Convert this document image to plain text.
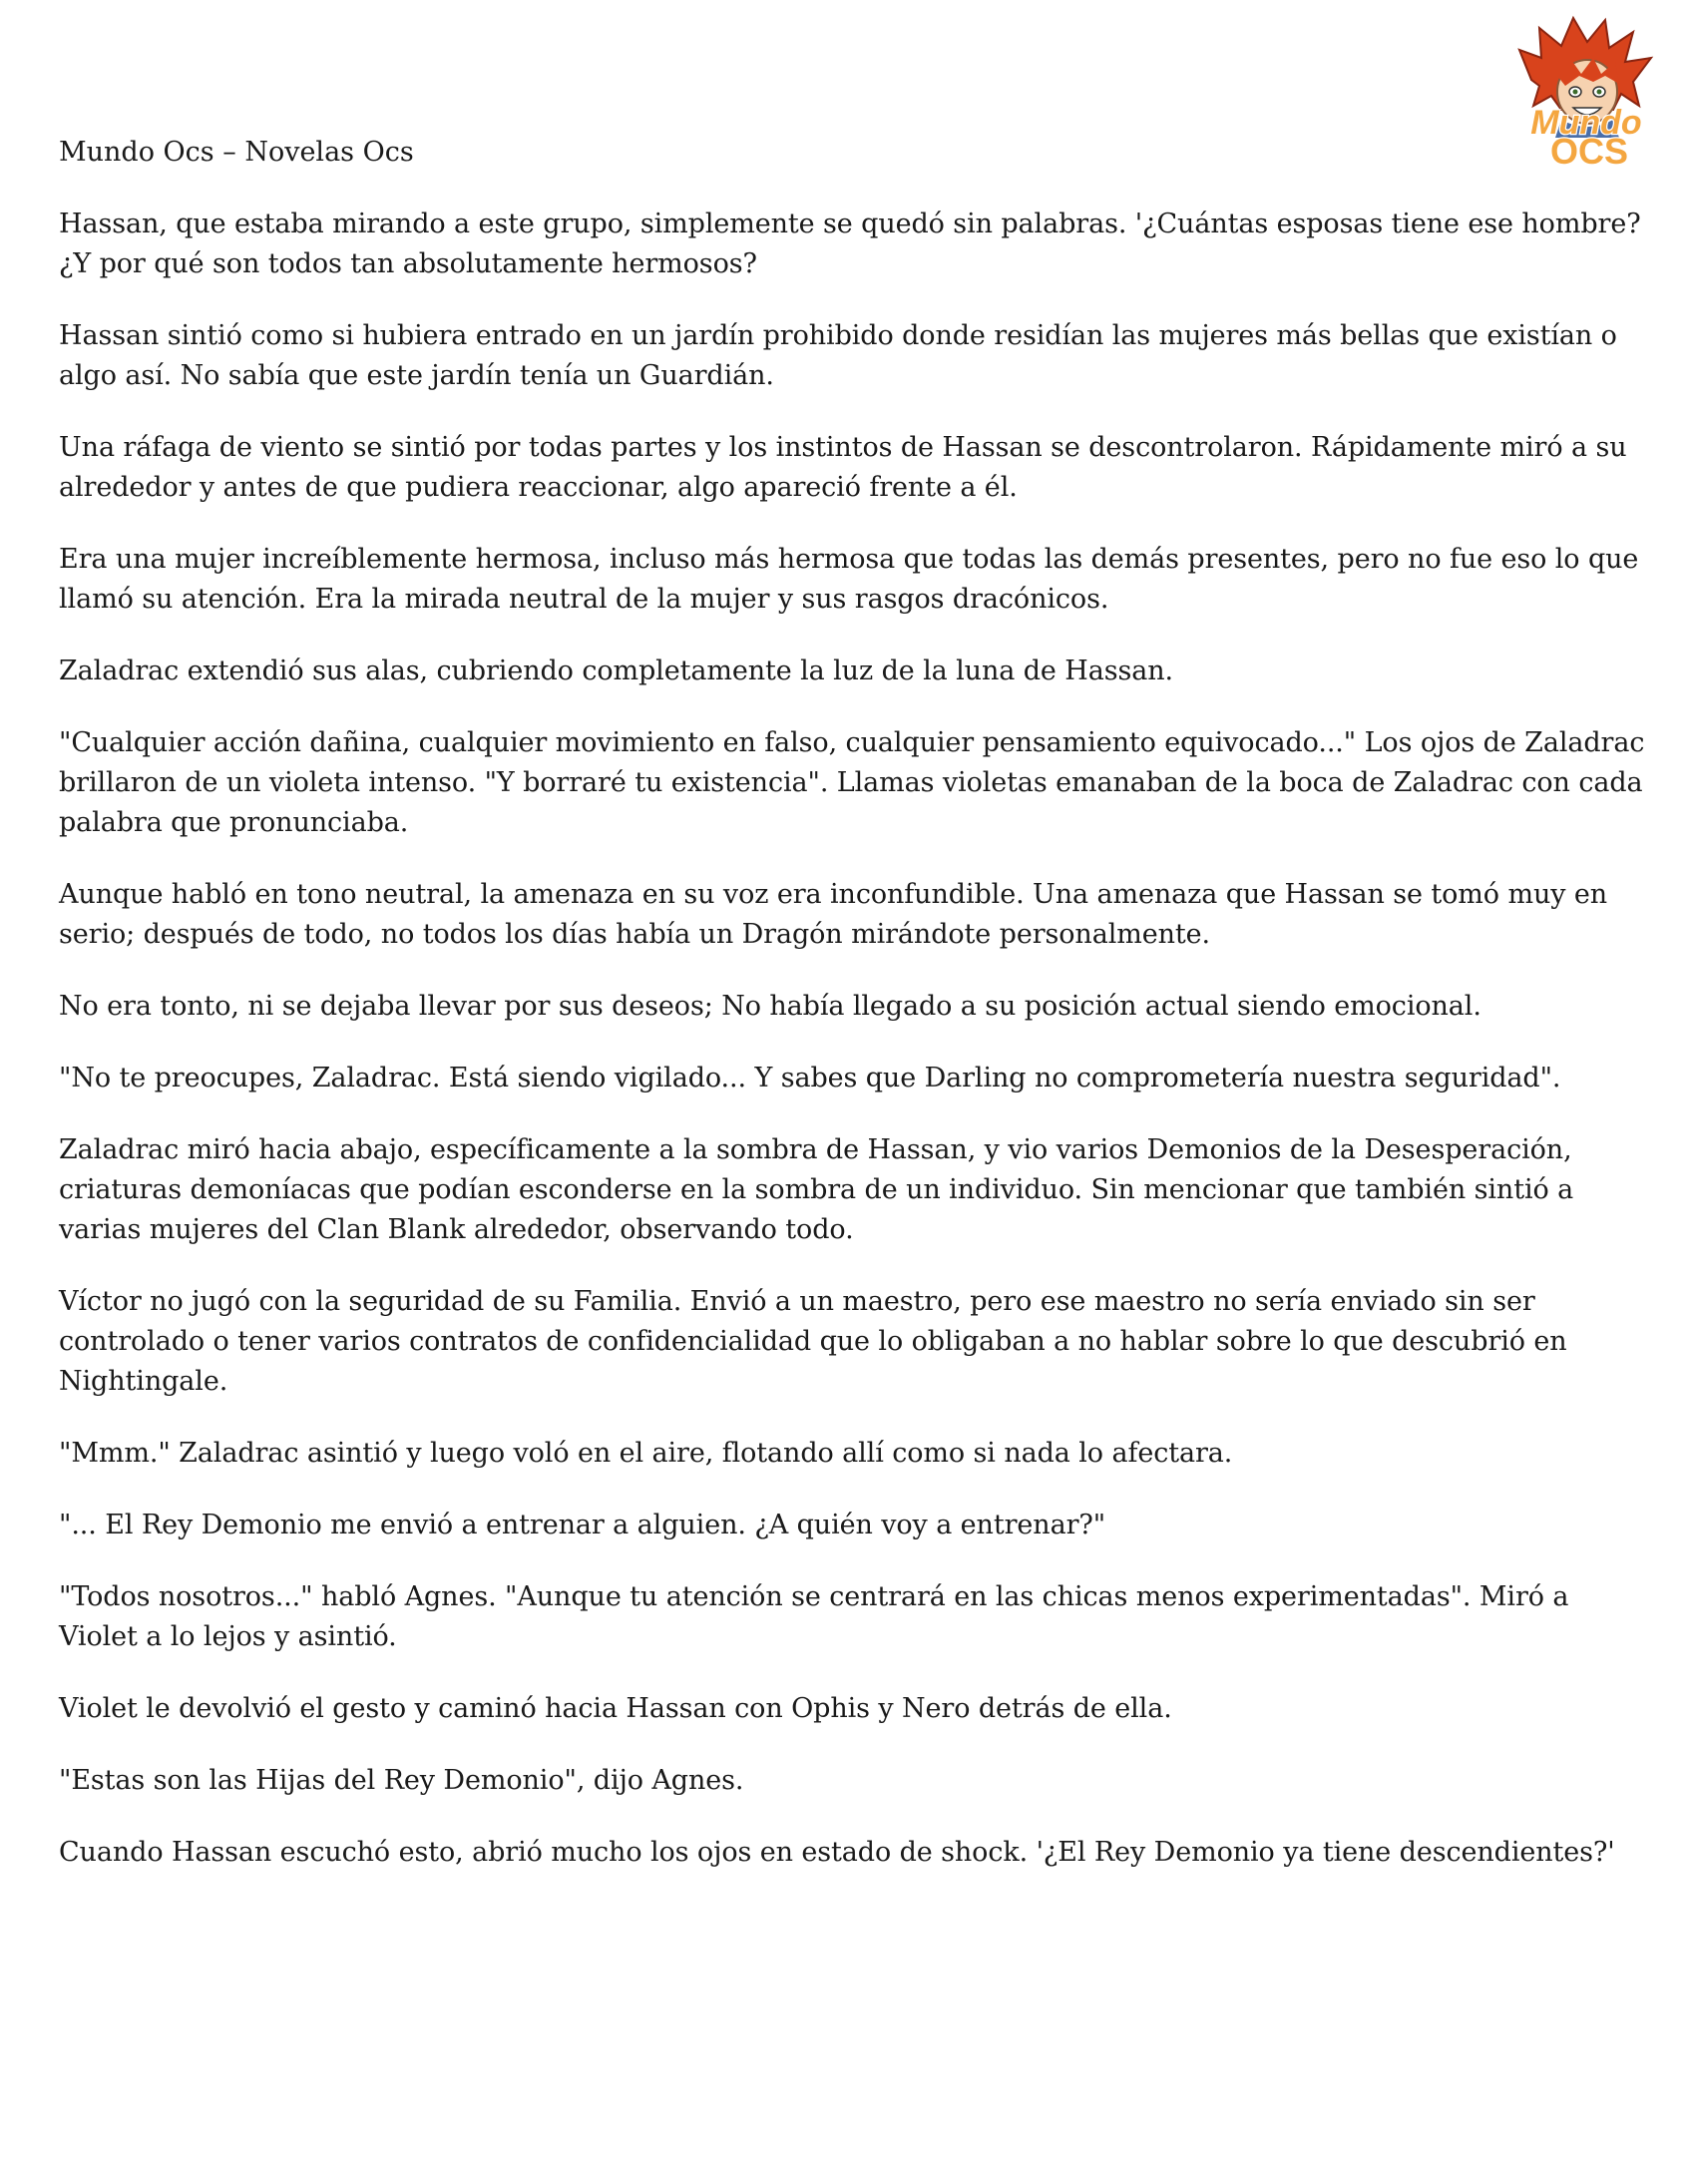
Mundo
OCS
Mundo Ocs – Novelas Ocs

Hassan, que estaba mirando a este grupo, simplemente se quedó sin palabras. '¿Cuántas esposas tiene ese hombre? ¿Y por qué son todos tan absolutamente hermosos?

Hassan sintió como si hubiera entrado en un jardín prohibido donde residían las mujeres más bellas que existían o algo así. No sabía que este jardín tenía un Guardián.

Una ráfaga de viento se sintió por todas partes y los instintos de Hassan se descontrolaron. Rápidamente miró a su alrededor y antes de que pudiera reaccionar, algo apareció frente a él.

Era una mujer increíblemente hermosa, incluso más hermosa que todas las demás presentes, pero no fue eso lo que llamó su atención. Era la mirada neutral de la mujer y sus rasgos dracónicos.

Zaladrac extendió sus alas, cubriendo completamente la luz de la luna de Hassan.

"Cualquier acción dañina, cualquier movimiento en falso, cualquier pensamiento equivocado..." Los ojos de Zaladrac brillaron de un violeta intenso. "Y borraré tu existencia". Llamas violetas emanaban de la boca de Zaladrac con cada palabra que pronunciaba.

Aunque habló en tono neutral, la amenaza en su voz era inconfundible. Una amenaza que Hassan se tomó muy en serio; después de todo, no todos los días había un Dragón mirándote personalmente.

No era tonto, ni se dejaba llevar por sus deseos; No había llegado a su posición actual siendo emocional.

"No te preocupes, Zaladrac. Está siendo vigilado... Y sabes que Darling no comprometería nuestra seguridad".

Zaladrac miró hacia abajo, específicamente a la sombra de Hassan, y vio varios Demonios de la Desesperación, criaturas demoníacas que podían esconderse en la sombra de un individuo. Sin mencionar que también sintió a varias mujeres del Clan Blank alrededor, observando todo.

Víctor no jugó con la seguridad de su Familia. Envió a un maestro, pero ese maestro no sería enviado sin ser controlado o tener varios contratos de confidencialidad que lo obligaban a no hablar sobre lo que descubrió en Nightingale.

"Mmm." Zaladrac asintió y luego voló en el aire, flotando allí como si nada lo afectara.

"... El Rey Demonio me envió a entrenar a alguien. ¿A quién voy a entrenar?"

"Todos nosotros..." habló Agnes. "Aunque tu atención se centrará en las chicas menos experimentadas". Miró a Violet a lo lejos y asintió.

Violet le devolvió el gesto y caminó hacia Hassan con Ophis y Nero detrás de ella.

"Estas son las Hijas del Rey Demonio", dijo Agnes.

Cuando Hassan escuchó esto, abrió mucho los ojos en estado de shock. '¿El Rey Demonio ya tiene descendientes?'
